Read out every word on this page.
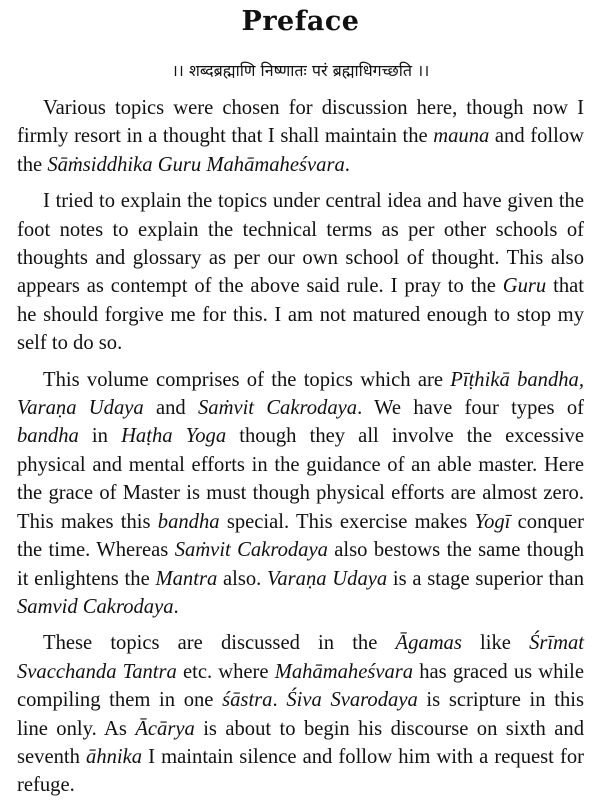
Preface
।। शब्दब्रह्माणि निष्णातः परं ब्रह्माधिगच्छति ।।

Various topics were chosen for discussion here, though now I firmly resort in a thought that I shall maintain the mauna and follow the Sāṁsiddhika Guru Mahāmaheśvara.

I tried to explain the topics under central idea and have given the foot notes to explain the technical terms as per other schools of thoughts and glossary as per our own school of thought. This also appears as contempt of the above said rule. I pray to the Guru that he should forgive me for this. I am not matured enough to stop my self to do so.

This volume comprises of the topics which are Pīṭhikā bandha, Varaṇa Udaya and Saṁvit Cakrodaya. We have four types of bandha in Haṭha Yoga though they all involve the excessive physical and mental efforts in the guidance of an able master. Here the grace of Master is must though physical efforts are almost zero. This makes this bandha special. This exercise makes Yogī conquer the time. Whereas Saṁvit Cakrodaya also bestows the same though it enlightens the Mantra also. Varaṇa Udaya is a stage superior than Samvid Cakrodaya.

These topics are discussed in the Āgamas like Śrīmat Svacchanda Tantra etc. where Mahāmaheśvara has graced us while compiling them in one śāstra. Śiva Svarodaya is scripture in this line only. As Ācārya is about to begin his discourse on sixth and seventh āhnika I maintain silence and follow him with a request for refuge.
